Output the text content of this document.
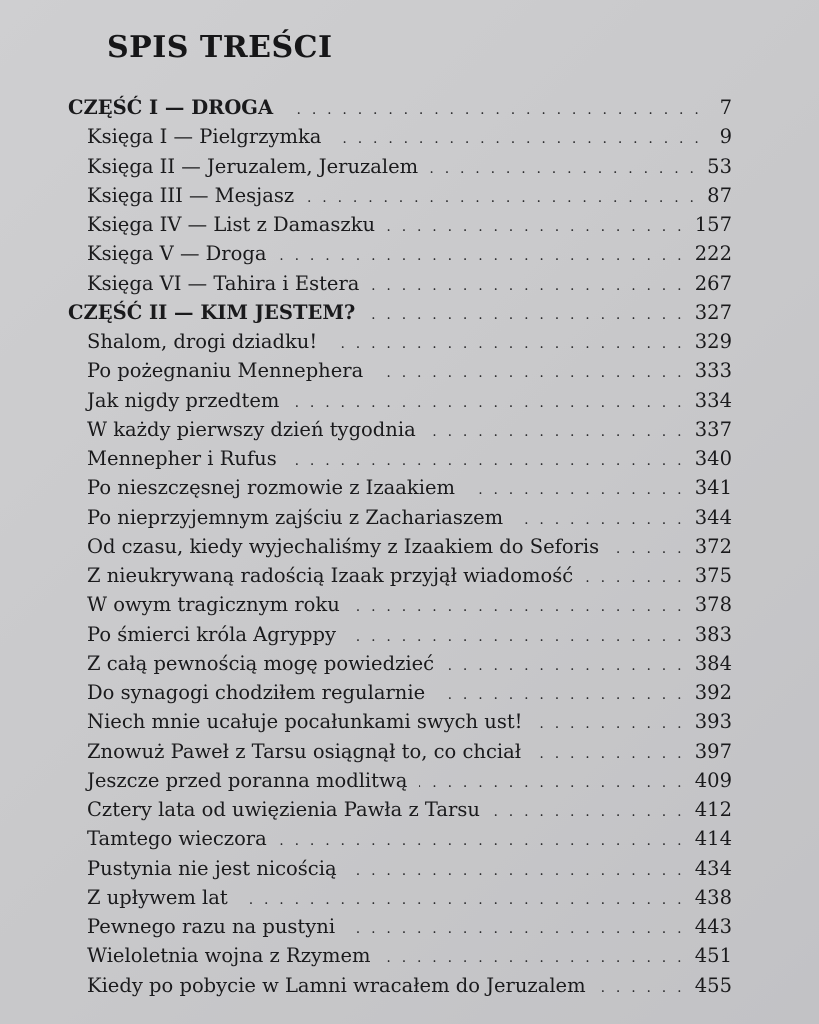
SPIS TREŚCI
CZĘŚĆ I — DROGA . . .	7
Księga I — Pielgrzymka . . .	9
Księga II — Jeruzalem, Jeruzalem . . .	53
Księga III — Mesjasz . . .	87
Księga IV — List z Damaszku . . .	157
Księga V — Droga . . .	222
Księga VI — Tahira i Estera . . .	267
CZĘŚĆ II — KIM JESTEM? . . .	327
Shalom, drogi dziadku! . . .	329
Po pożegnaniu Mennephera . . .	333
Jak nigdy przedtem . . .	334
W każdy pierwszy dzień tygodnia . . .	337
Mennepher i Rufus . . .	340
Po nieszczęsnej rozmowie z Izaakiem . . .	341
Po nieprzyjemnym zajściu z Zachariaszem . . .	344
Od czasu, kiedy wyjechaliśmy z Izaakiem do Seforis . . .	372
Z nieukrywaną radością Izaak przyjął wiadomość . . .	375
W owym tragicznym roku . . .	378
Po śmierci króla Agryppy . . .	383
Z całą pewnością mogę powiedzieć . . .	384
Do synagogi chodziłem regularnie . . .	392
Niech mnie ucałuje pocałunkami swych ust! . . .	393
Znowuż Paweł z Tarsu osiągnął to, co chciał . . .	397
Jeszcze przed poranna modlitwą . . .	409
Cztery lata od uwięzienia Pawła z Tarsu . . .	412
Tamtego wieczora . . .	414
Pustynia nie jest nicością . . .	434
Z upływem lat . . .	438
Pewnego razu na pustyni . . .	443
Wieloletnia wojna z Rzymem . . .	451
Kiedy po pobycie w Lamni wracałem do Jeruzalem . . .	455
